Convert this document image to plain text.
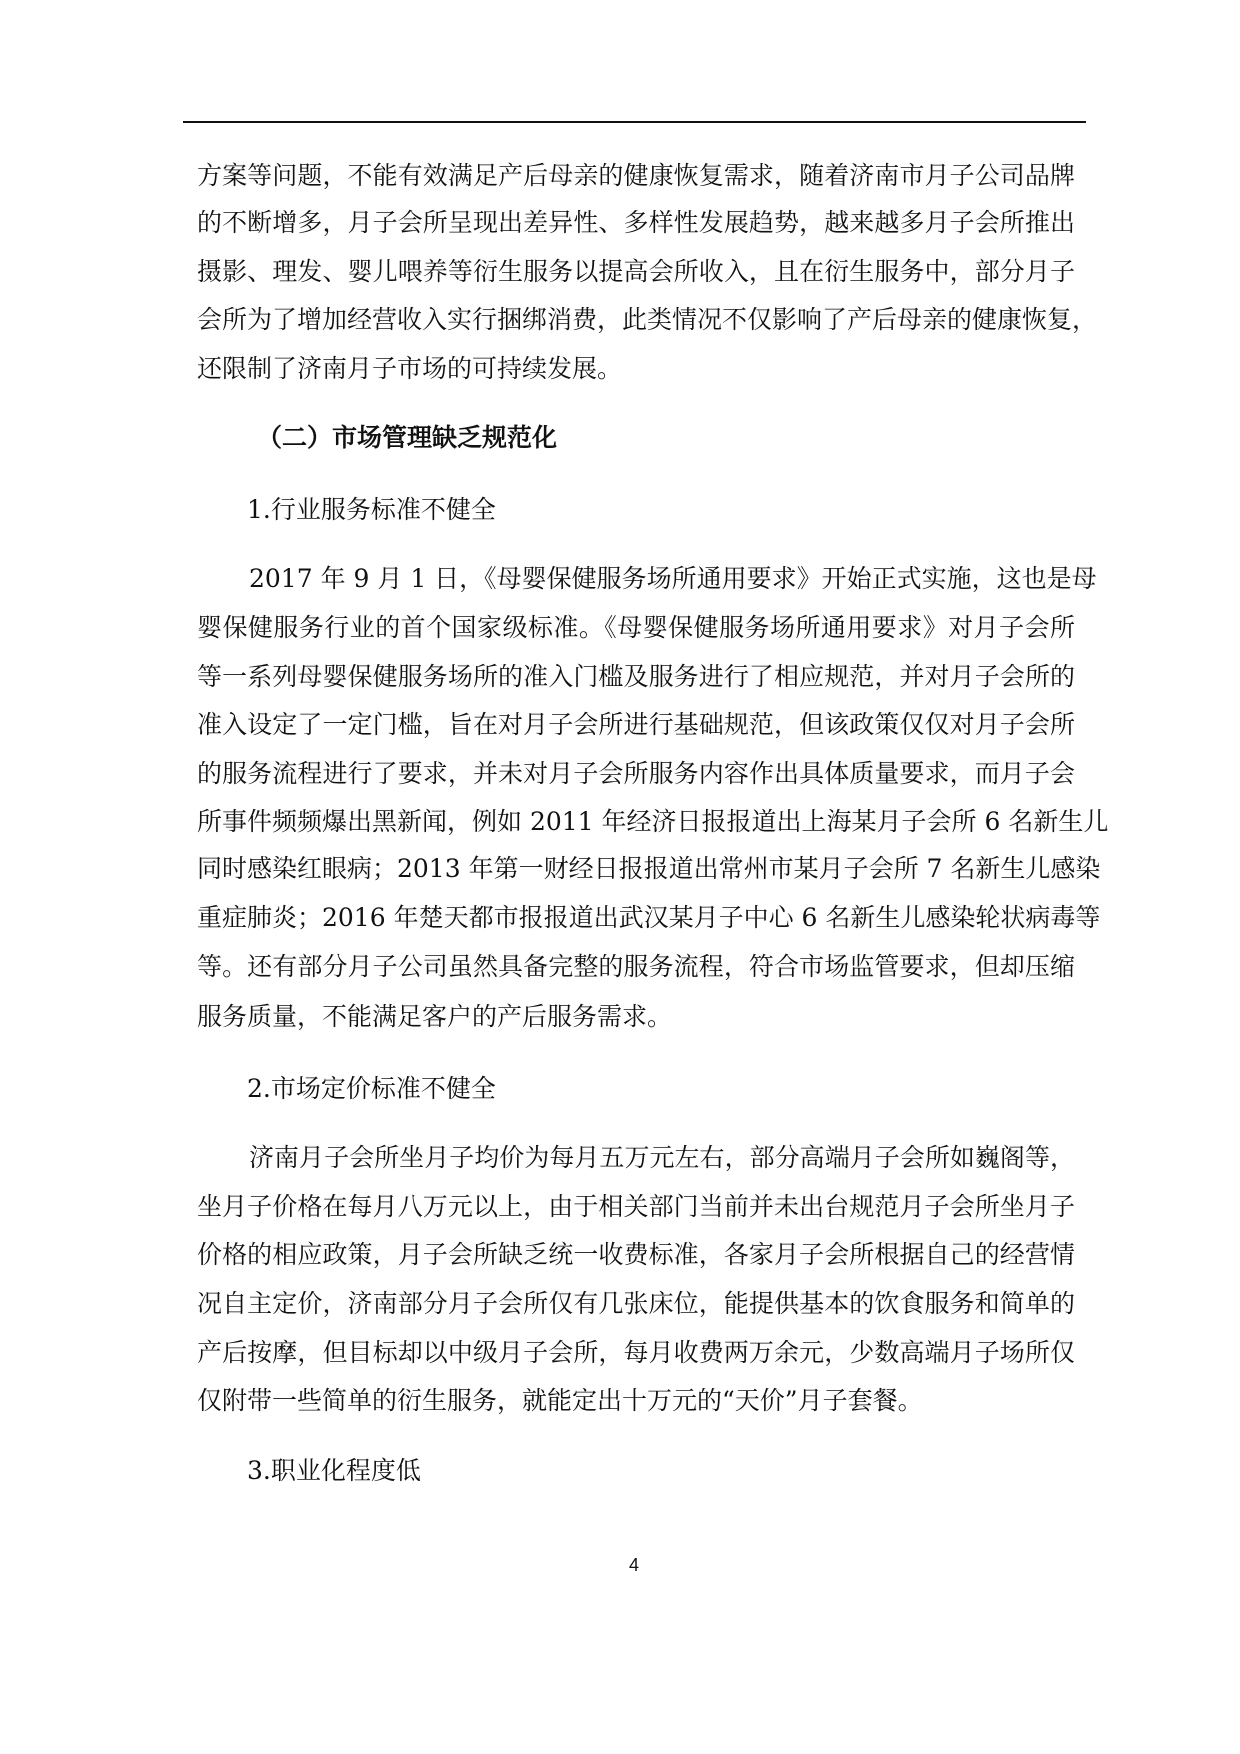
方案等问题，不能有效满足产后母亲的健康恢复需求，随着济南市月子公司品牌
的不断增多，月子会所呈现出差异性、多样性发展趋势，越来越多月子会所推出
摄影、理发、婴儿喂养等衍生服务以提高会所收入，且在衍生服务中，部分月子
会所为了增加经营收入实行捆绑消费，此类情况不仅影响了产后母亲的健康恢复，
还限制了济南月子市场的可持续发展。
（二）市场管理缺乏规范化
1.行业服务标准不健全
2017 年 9 月 1 日，《母婴保健服务场所通用要求》开始正式实施，这也是母
婴保健服务行业的首个国家级标准。《母婴保健服务场所通用要求》对月子会所
等一系列母婴保健服务场所的准入门槛及服务进行了相应规范，并对月子会所的
准入设定了一定门槛，旨在对月子会所进行基础规范，但该政策仅仅对月子会所
的服务流程进行了要求，并未对月子会所服务内容作出具体质量要求，而月子会
所事件频频爆出黑新闻，例如 2011 年经济日报报道出上海某月子会所 6 名新生儿
同时感染红眼病；2013 年第一财经日报报道出常州市某月子会所 7 名新生儿感染
重症肺炎；2016 年楚天都市报报道出武汉某月子中心 6 名新生儿感染轮状病毒等
等。还有部分月子公司虽然具备完整的服务流程，符合市场监管要求，但却压缩
服务质量，不能满足客户的产后服务需求。
2.市场定价标准不健全
济南月子会所坐月子均价为每月五万元左右，部分高端月子会所如巍阁等，
坐月子价格在每月八万元以上，由于相关部门当前并未出台规范月子会所坐月子
价格的相应政策，月子会所缺乏统一收费标准，各家月子会所根据自己的经营情
况自主定价，济南部分月子会所仅有几张床位，能提供基本的饮食服务和简单的
产后按摩，但目标却以中级月子会所，每月收费两万余元，少数高端月子场所仅
仅附带一些简单的衍生服务，就能定出十万元的“天价”月子套餐。
3.职业化程度低
4
